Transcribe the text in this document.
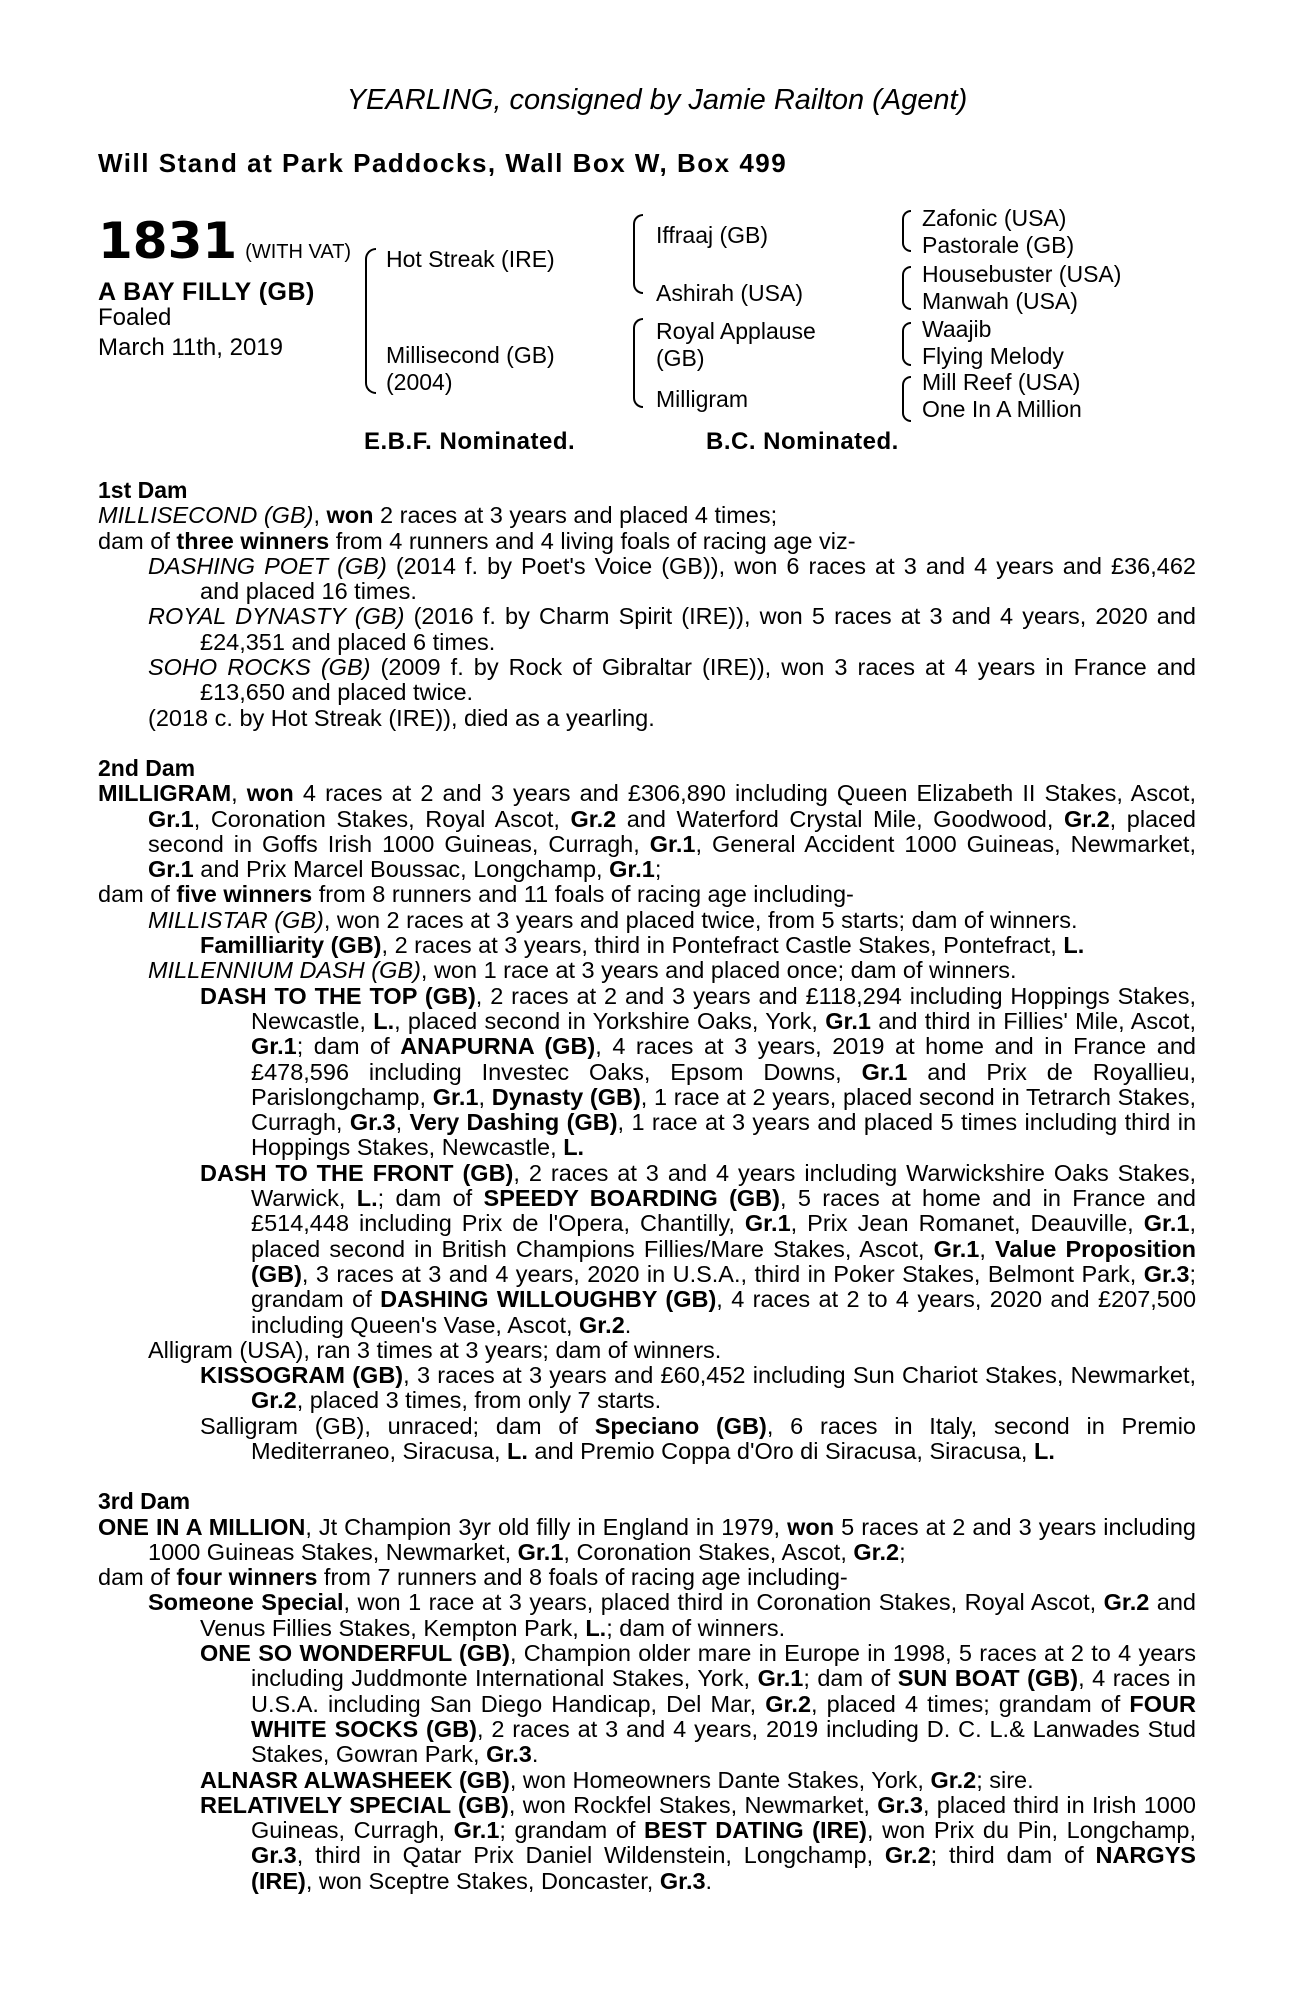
YEARLING, consigned by Jamie Railton (Agent)
Will Stand at Park Paddocks, Wall Box W, Box 499
1831 (WITH VAT)
A BAY FILLY (GB)
Foaled
March 11th, 2019
Hot Streak (IRE)
Millisecond (GB)
(2004)
Iffraaj (GB)
Ashirah (USA)
Royal Applause
(GB)
Milligram
Zafonic (USA)
Pastorale (GB)
Housebuster (USA)
Manwah (USA)
Waajib
Flying Melody
Mill Reef (USA)
One In A Million
E.B.F. Nominated.	B.C. Nominated.
1st Dam
MILLISECOND (GB), won 2 races at 3 years and placed 4 times;
dam of three winners from 4 runners and 4 living foals of racing age viz-
DASHING POET (GB) (2014 f. by Poet's Voice (GB)), won 6 races at 3 and 4 years and £36,462 and placed 16 times.
ROYAL DYNASTY (GB) (2016 f. by Charm Spirit (IRE)), won 5 races at 3 and 4 years, 2020 and £24,351 and placed 6 times.
SOHO ROCKS (GB) (2009 f. by Rock of Gibraltar (IRE)), won 3 races at 4 years in France and £13,650 and placed twice.
(2018 c. by Hot Streak (IRE)), died as a yearling.
2nd Dam
MILLIGRAM, won 4 races at 2 and 3 years and £306,890 including Queen Elizabeth II Stakes, Ascot, Gr.1, Coronation Stakes, Royal Ascot, Gr.2 and Waterford Crystal Mile, Goodwood, Gr.2, placed second in Goffs Irish 1000 Guineas, Curragh, Gr.1, General Accident 1000 Guineas, Newmarket, Gr.1 and Prix Marcel Boussac, Longchamp, Gr.1;
dam of five winners from 8 runners and 11 foals of racing age including-
MILLISTAR (GB), won 2 races at 3 years and placed twice, from 5 starts; dam of winners.
Familliarity (GB), 2 races at 3 years, third in Pontefract Castle Stakes, Pontefract, L.
MILLENNIUM DASH (GB), won 1 race at 3 years and placed once; dam of winners.
DASH TO THE TOP (GB), 2 races at 2 and 3 years and £118,294 including Hoppings Stakes, Newcastle, L., placed second in Yorkshire Oaks, York, Gr.1 and third in Fillies' Mile, Ascot, Gr.1; dam of ANAPURNA (GB), 4 races at 3 years, 2019 at home and in France and £478,596 including Investec Oaks, Epsom Downs, Gr.1 and Prix de Royallieu, Parislongchamp, Gr.1, Dynasty (GB), 1 race at 2 years, placed second in Tetrarch Stakes, Curragh, Gr.3, Very Dashing (GB), 1 race at 3 years and placed 5 times including third in Hoppings Stakes, Newcastle, L.
DASH TO THE FRONT (GB), 2 races at 3 and 4 years including Warwickshire Oaks Stakes, Warwick, L.; dam of SPEEDY BOARDING (GB), 5 races at home and in France and £514,448 including Prix de l'Opera, Chantilly, Gr.1, Prix Jean Romanet, Deauville, Gr.1, placed second in British Champions Fillies/Mare Stakes, Ascot, Gr.1, Value Proposition (GB), 3 races at 3 and 4 years, 2020 in U.S.A., third in Poker Stakes, Belmont Park, Gr.3; grandam of DASHING WILLOUGHBY (GB), 4 races at 2 to 4 years, 2020 and £207,500 including Queen's Vase, Ascot, Gr.2.
Alligram (USA), ran 3 times at 3 years; dam of winners.
KISSOGRAM (GB), 3 races at 3 years and £60,452 including Sun Chariot Stakes, Newmarket, Gr.2, placed 3 times, from only 7 starts.
Salligram (GB), unraced; dam of Speciano (GB), 6 races in Italy, second in Premio Mediterraneo, Siracusa, L. and Premio Coppa d'Oro di Siracusa, Siracusa, L.
3rd Dam
ONE IN A MILLION, Jt Champion 3yr old filly in England in 1979, won 5 races at 2 and 3 years including 1000 Guineas Stakes, Newmarket, Gr.1, Coronation Stakes, Ascot, Gr.2;
dam of four winners from 7 runners and 8 foals of racing age including-
Someone Special, won 1 race at 3 years, placed third in Coronation Stakes, Royal Ascot, Gr.2 and Venus Fillies Stakes, Kempton Park, L.; dam of winners.
ONE SO WONDERFUL (GB), Champion older mare in Europe in 1998, 5 races at 2 to 4 years including Juddmonte International Stakes, York, Gr.1; dam of SUN BOAT (GB), 4 races in U.S.A. including San Diego Handicap, Del Mar, Gr.2, placed 4 times; grandam of FOUR WHITE SOCKS (GB), 2 races at 3 and 4 years, 2019 including D. C. L.& Lanwades Stud Stakes, Gowran Park, Gr.3.
ALNASR ALWASHEEK (GB), won Homeowners Dante Stakes, York, Gr.2; sire.
RELATIVELY SPECIAL (GB), won Rockfel Stakes, Newmarket, Gr.3, placed third in Irish 1000 Guineas, Curragh, Gr.1; grandam of BEST DATING (IRE), won Prix du Pin, Longchamp, Gr.3, third in Qatar Prix Daniel Wildenstein, Longchamp, Gr.2; third dam of NARGYS (IRE), won Sceptre Stakes, Doncaster, Gr.3.
